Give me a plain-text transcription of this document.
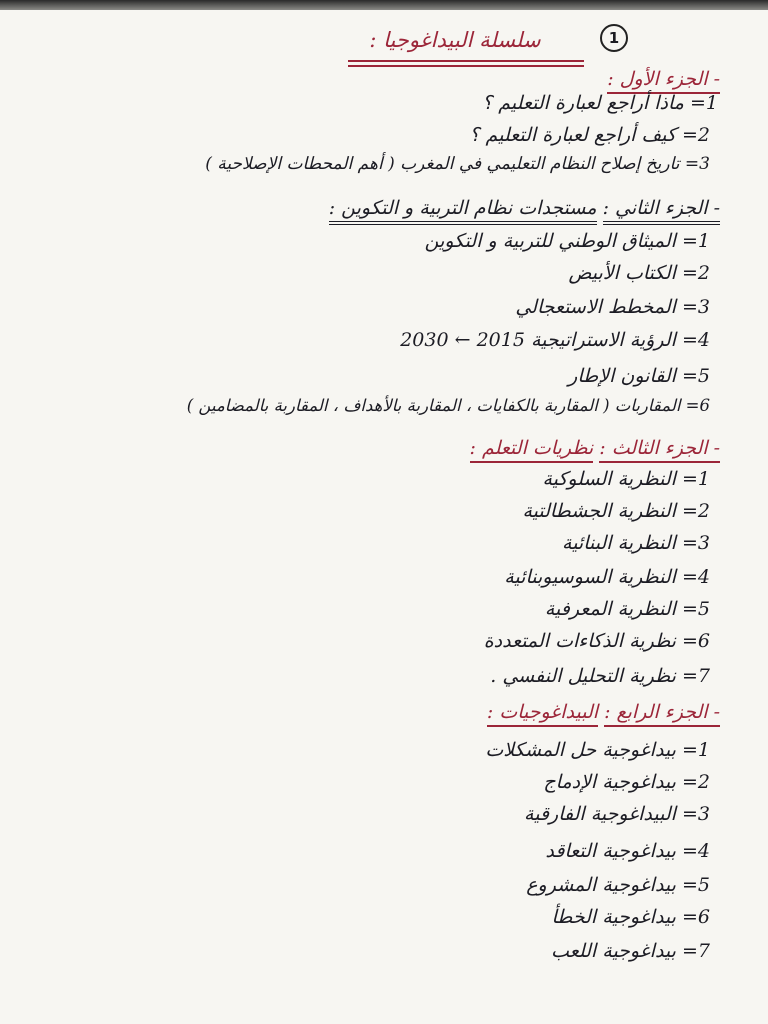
1
سلسلة البيداغوجيا :
- الجزء الأول :
1= ماذا أراجع لعبارة التعليم ؟
2= كيف أراجع لعبارة التعليم ؟
3= تاريخ إصلاح النظام التعليمي في المغرب ( أهم المحطات الإصلاحية )
- الجزء الثاني : مستجدات نظام التربية و التكوين :
1= الميثاق الوطني للتربية و التكوين
2= الكتاب الأبيض
3= المخطط الاستعجالي
4= الرؤية الاستراتيجية 2015 ← 2030
5= القانون الإطار
6= المقاربات ( المقاربة بالكفايات ، المقاربة بالأهداف ، المقاربة بالمضامين )
- الجزء الثالث : نظريات التعلم :
1= النظرية السلوكية
2= النظرية الجشطالتية
3= النظرية البنائية
4= النظرية السوسيوبنائية
5= النظرية المعرفية
6= نظرية الذكاءات المتعددة
7= نظرية التحليل النفسي .
- الجزء الرابع : البيداغوجيات :
1= بيداغوجية حل المشكلات
2= بيداغوجية الإدماج
3= البيداغوجية الفارقية
4= بيداغوجية التعاقد
5= بيداغوجية المشروع
6= بيداغوجية الخطأ
7= بيداغوجية اللعب
